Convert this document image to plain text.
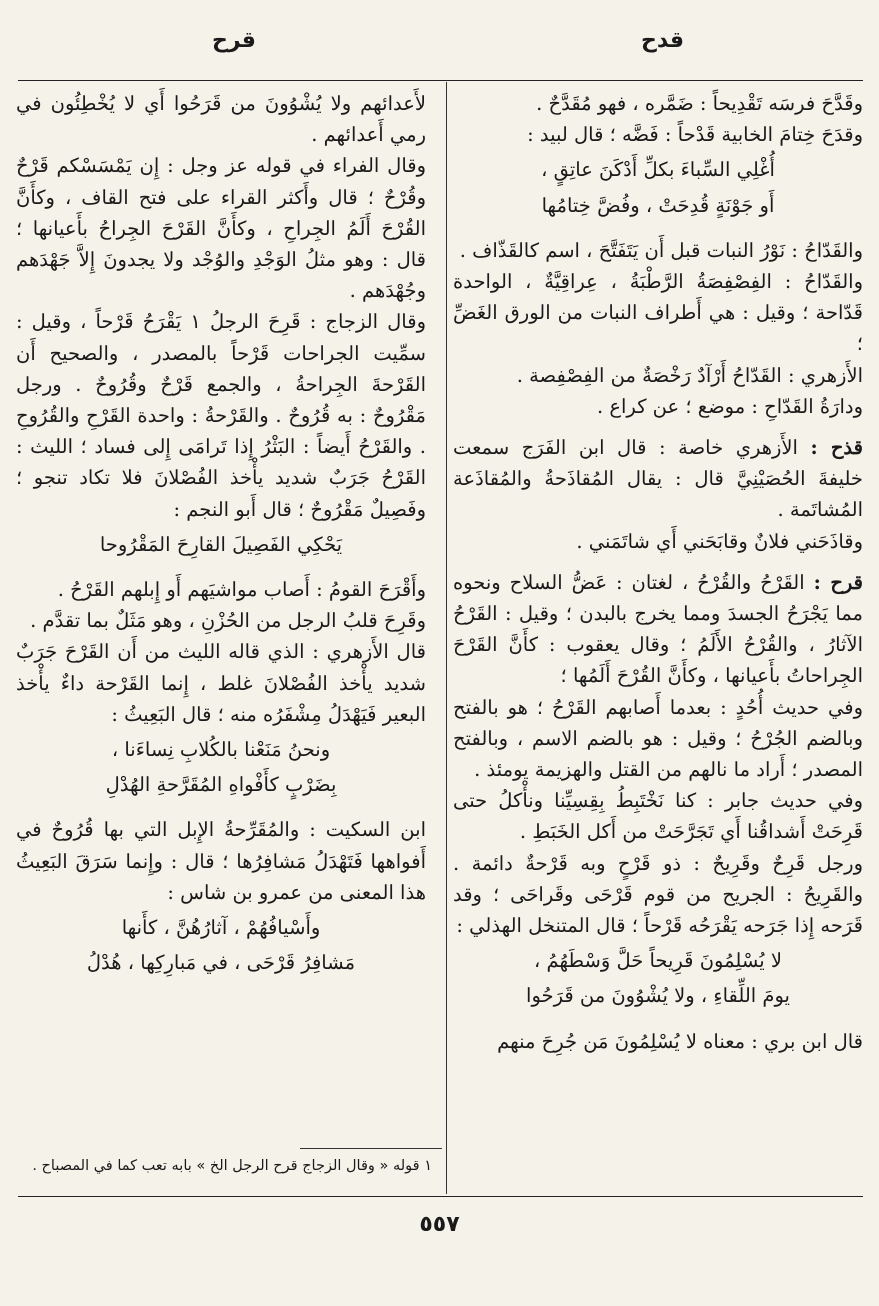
قدح
قرح

وقَدَّحَ فرسَه تَقْدِيحاً : ضَمَّره ، فهو مُقَدَّحٌ .

وقدَحَ خِتامَ الخابية قَدْحاً : فَضَّه ؛ قال لبيد :

أُغْلِي السِّباءَ بكلِّ أَدْكَنَ عاتِقٍ ،

أَو جَوْنَةٍ قُدِحَتْ ، وفُضَّ خِتامُها

والقَدّاحُ : نَوْرُ النبات قبل أَن يَتَفَتَّحَ ، اسم كالقَذّاف .

والقَدّاحُ : الفِصْفِصَةُ الرَّطْبَةُ ، عِراقِيَّةٌ ، الواحدة قَدّاحة ؛ وقيل : هي أَطراف النبات من الورق الغَضِّ ؛

الأَزهري : القَدّاحُ أَرْآدٌ رَخْصَةٌ من الفِصْفِصة .

ودارَةُ القَدّاحِ : موضع ؛ عن كراع .

قذح : الأَزهري خاصة : قال ابن الفَرَج سمعت خليفةَ الحُصَيْنِيَّ قال : يقال المُقاذَحةُ والمُقاذَعة المُشاتَمة .

وقاذَحَني فلانٌ وقابَحَني أَي شاتَمَني .

قرح : القَرْحُ والقُرْحُ ، لغتان : عَضُّ السلاح ونحوه مما يَجْرَحُ الجسدَ ومما يخرج بالبدن ؛ وقيل : القَرْحُ الآثارُ ، والقُرْحُ الأَلَمُ ؛ وقال يعقوب : كأَنَّ القَرْحَ الجِراحاتُ بأَعيانها ، وكأَنَّ القُرْحَ أَلَمُها ؛

وفي حديث أُحُدٍ : بعدما أَصابهم القَرْحُ ؛ هو بالفتح وبالضم الجُرْحُ ؛ وقيل : هو بالضم الاسم ، وبالفتح المصدر ؛ أَراد ما نالهم من القتل والهزيمة يومئذ .

وفي حديث جابر : كنا نَخْتَبِطُ بِقِسِيِّنا ونأْكلُ حتى قَرِحَتْ أَشداقُنا أَي تَجَرَّحَتْ من أَكل الخَبَطِ .

ورجل قَرِحٌ وقَرِيحٌ : ذو قَرْحٍ وبه قَرْحةٌ دائمة . والقَرِيحُ : الجريح من قوم قَرْحَى وقَراحَى ؛ وقد قَرَحه إِذا جَرَحه يَقْرَحُه قَرْحاً ؛ قال المتنخل الهذلي :

لا يُسْلِمُونَ قَرِيحاً حَلَّ وَسْطَهُمُ ،

يومَ اللِّقاءِ ، ولا يُشْوُونَ من قَرَحُوا

قال ابن بري : معناه لا يُسْلِمُونَ مَن جُرِحَ منهم

لأَعدائهم ولا يُشْوُونَ من قَرَحُوا أَي لا يُخْطِئُون في رمي أَعدائهم .

وقال الفراء في قوله عز وجل : إِن يَمْسَسْكم قَرْحٌ وقُرْحٌ ؛ قال وأَكثر القراء على فتح القاف ، وكأَنَّ القُرْحَ أَلَمُ الجِراحِ ، وكأَنَّ القَرْحَ الجِراحُ بأَعيانها ؛ قال : وهو مثلُ الوَجْدِ والوُجْد ولا يجدونَ إِلاَّ جَهْدَهم وجُهْدَهم .

وقال الزجاج : قَرِحَ الرجلُ ١ يَقْرَحُ قَرْحاً ، وقيل : سمِّيت الجراحات قَرْحاً بالمصدر ، والصحيح أَن القَرْحةَ الجِراحةُ ، والجمع قَرْحٌ وقُرُوحٌ . ورجل مَقْرُوحٌ : به قُرُوحٌ . والقَرْحةُ : واحدة القَرْحِ والقُرُوحِ . والقَرْحُ أَيضاً : البَثْرُ إِذا تَرامَى إِلى فساد ؛ الليث : القَرْحُ جَرَبٌ شديد يأْخذ الفُصْلانَ فلا تكاد تنجو ؛ وفَصِيلٌ مَقْرُوحٌ ؛ قال أَبو النجم :

يَحْكِي الفَصِيلَ القارِحَ المَقْرُوحا

وأَقْرَحَ القومُ : أَصاب مواشيَهم أَو إِبلهم القَرْحُ .

وقَرِحَ قلبُ الرجل من الحُزْنِ ، وهو مَثَلٌ بما تقدَّم .

قال الأَزهري : الذي قاله الليث من أَن القَرْحَ جَرَبٌ شديد يأْخذ الفُصْلانَ غلط ، إِنما القَرْحة داءٌ يأْخذ البعير فَيَهْدَلُ مِشْفَرُه منه ؛ قال البَعِيثُ :

ونحنُ مَنَعْنا بالكُلابِ نِساءَنا ،

بِضَرْبٍ كأَفْواهِ المُقَرَّحةِ الهُدْلِ

ابن السكيت : والمُقَرِّحةُ الإِبل التي بها قُرُوحٌ في أَفواهها فَتَهْدَلُ مَشافِرُها ؛ قال : وإِنما سَرَقَ البَعِيثُ هذا المعنى من عمرو بن شاس :

وأَسْيافُهُمْ ، آثارُهُنَّ ، كأَنها

مَشافِرُ قَرْحَى ، في مَبارِكِها ، هُدْلُ

١ قوله « وقال الزجاج قرح الرجل الخ » بابه تعب كما في المصباح .
٥٥٧
